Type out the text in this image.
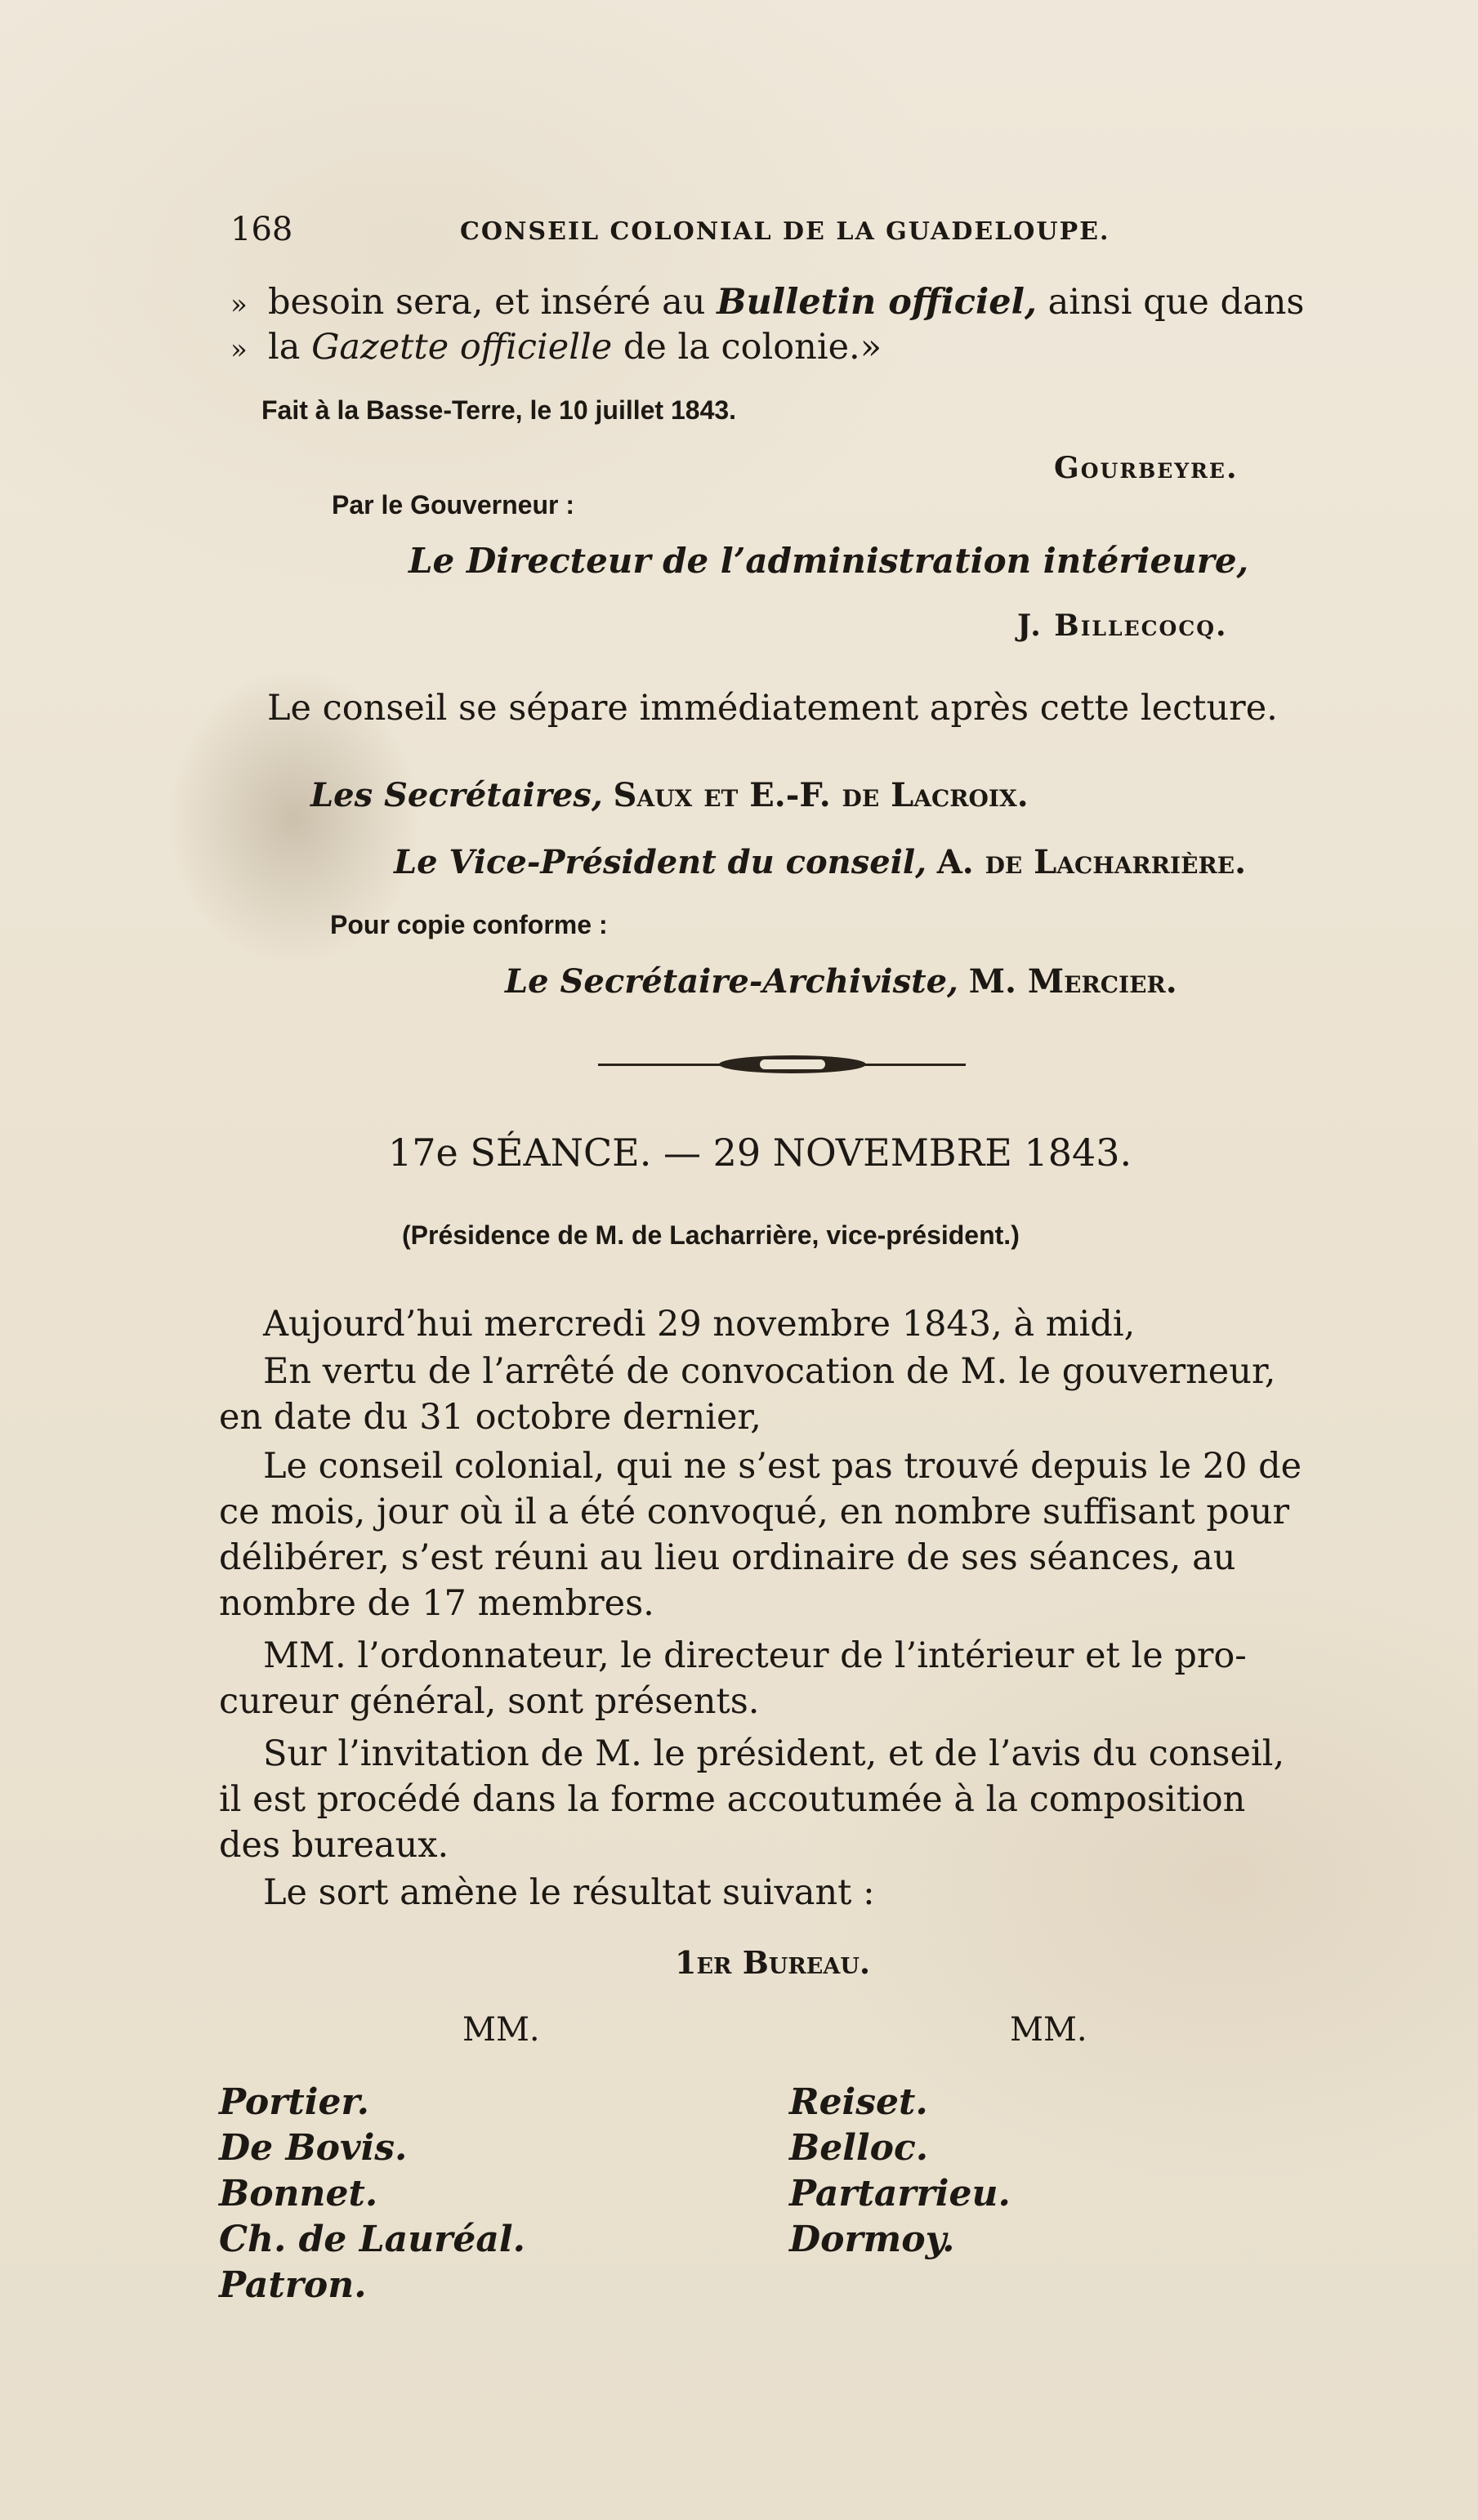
168	CONSEIL COLONIAL DE LA GUADELOUPE.
» besoin sera, et inséré au Bulletin officiel, ainsi que dans
» la Gazette officielle de la colonie.»
Fait à la Basse-Terre, le 10 juillet 1843.
Gourbeyre.
Par le Gouverneur :
Le Directeur de l’administration intérieure,
J. Billecocq.
Le conseil se sépare immédiatement après cette lecture.
Les Secrétaires, Saux et E.-F. de Lacroix.
Le Vice-Président du conseil, A. de Lacharrière.
Pour copie conforme :
Le Secrétaire-Archiviste, M. Mercier.
17e SÉANCE. — 29 NOVEMBRE 1843.
(Présidence de M. de Lacharrière, vice-président.)
Aujourd’hui mercredi 29 novembre 1843, à midi,
En vertu de l’arrêté de convocation de M. le gouverneur,
en date du 31 octobre dernier,
Le conseil colonial, qui ne s’est pas trouvé depuis le 20 de
ce mois, jour où il a été convoqué, en nombre suffisant pour
délibérer, s’est réuni au lieu ordinaire de ses séances, au
nombre de 17 membres.
MM. l’ordonnateur, le directeur de l’intérieur et le pro-
cureur général, sont présents.
Sur l’invitation de M. le président, et de l’avis du conseil,
il est procédé dans la forme accoutumée à la composition
des bureaux.
Le sort amène le résultat suivant :
1er Bureau.
MM.	MM.
Portier.
De Bovis.
Bonnet.
Ch. de Lauréal.
Patron.
Reiset.
Belloc.
Partarrieu.
Dormoy.
